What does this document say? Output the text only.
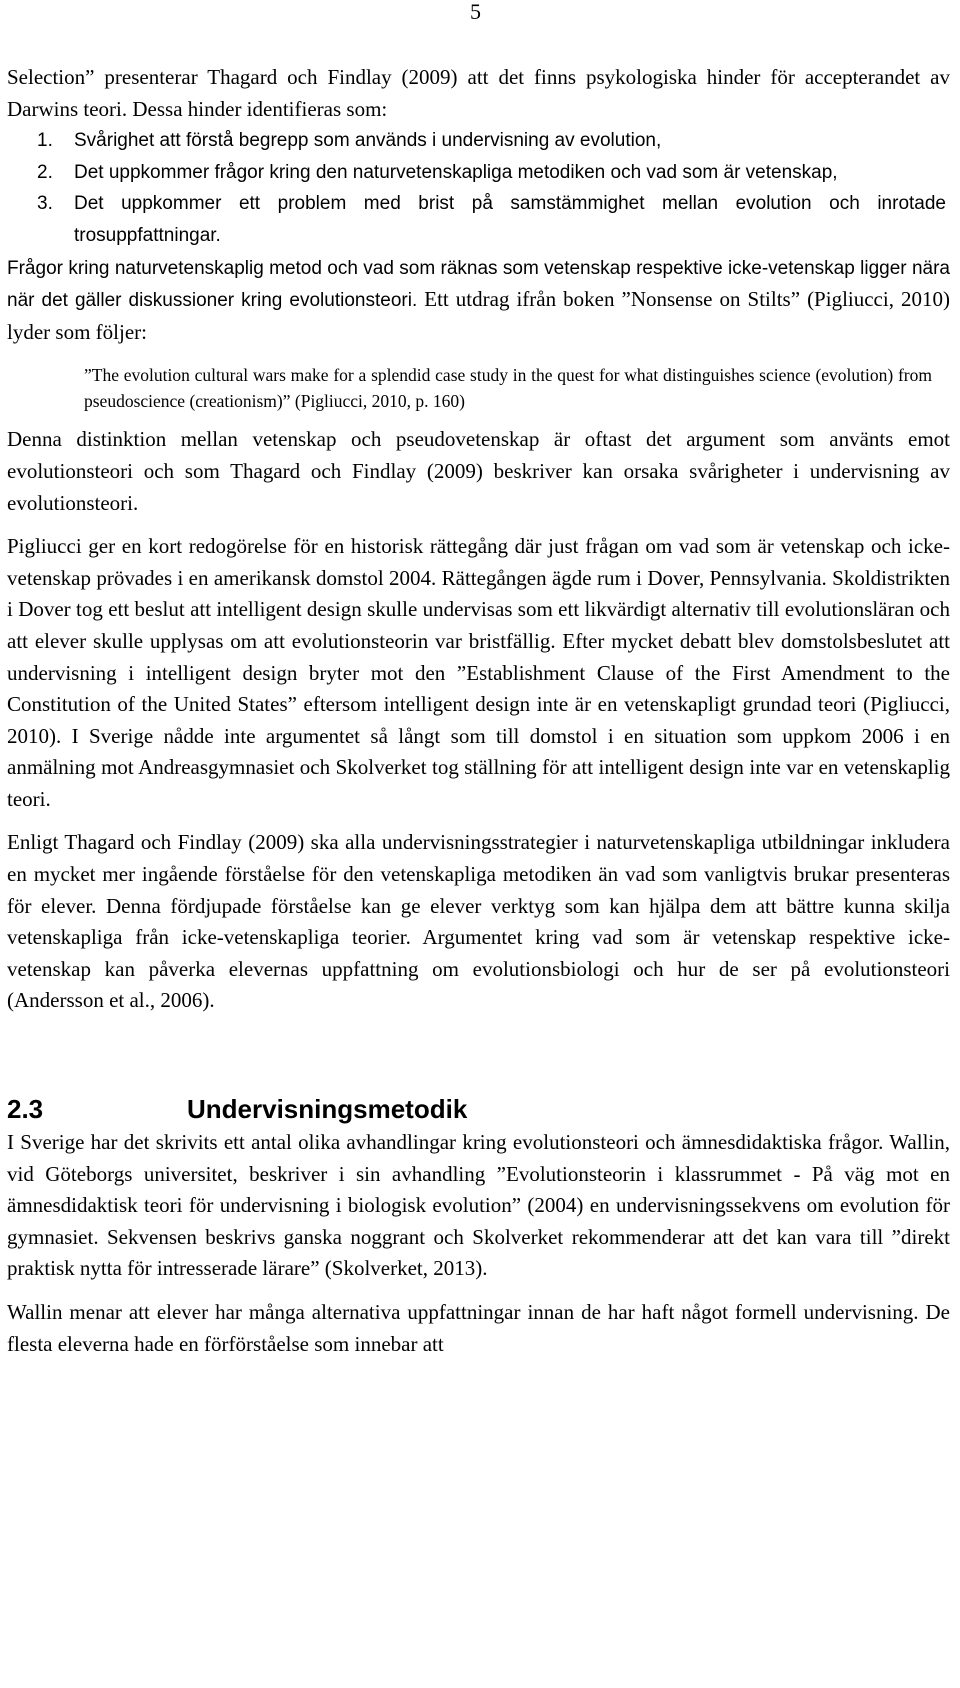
5

Selection” presenterar Thagard och Findlay (2009) att det finns psykologiska hinder för accepterandet av Darwins teori. Dessa hinder identifieras som:

1.	Svårighet att förstå begrepp som används i undervisning av evolution,
2.	Det uppkommer frågor kring den naturvetenskapliga metodiken och vad som är vetenskap,
3.	Det uppkommer ett problem med brist på samstämmighet mellan evolution och inrotade trosuppfattningar.

Frågor kring naturvetenskaplig metod och vad som räknas som vetenskap respektive icke-vetenskap ligger nära när det gäller diskussioner kring evolutionsteori. Ett utdrag ifrån boken ”Nonsense on Stilts” (Pigliucci, 2010) lyder som följer:

”The evolution cultural wars make for a splendid case study in the quest for what distinguishes science (evolution) from pseudoscience (creationism)” (Pigliucci, 2010, p. 160)

Denna distinktion mellan vetenskap och pseudovetenskap är oftast det argument som använts emot evolutionsteori och som Thagard och Findlay (2009) beskriver kan orsaka svårigheter i undervisning av evolutionsteori.

Pigliucci ger en kort redogörelse för en historisk rättegång där just frågan om vad som är vetenskap och icke-vetenskap prövades i en amerikansk domstol 2004. Rättegången ägde rum i Dover, Pennsylvania. Skoldistrikten i Dover tog ett beslut att intelligent design skulle undervisas som ett likvärdigt alternativ till evolutionsläran och att elever skulle upplysas om att evolutionsteorin var bristfällig. Efter mycket debatt blev domstolsbeslutet att undervisning i intelligent design bryter mot den ”Establishment Clause of the First Amendment to the Constitution of the United States” eftersom intelligent design inte är en vetenskapligt grundad teori (Pigliucci, 2010). I Sverige nådde inte argumentet så långt som till domstol i en situation som uppkom 2006 i en anmälning mot Andreasgymnasiet och Skolverket tog ställning för att intelligent design inte var en vetenskaplig teori.

Enligt Thagard och Findlay (2009) ska alla undervisningsstrategier i naturvetenskapliga utbildningar inkludera en mycket mer ingående förståelse för den vetenskapliga metodiken än vad som vanligtvis brukar presenteras för elever. Denna fördjupade förståelse kan ge elever verktyg som kan hjälpa dem att bättre kunna skilja vetenskapliga från icke-vetenskapliga teorier. Argumentet kring vad som är vetenskap respektive icke-vetenskap kan påverka elevernas uppfattning om evolutionsbiologi och hur de ser på evolutionsteori (Andersson et al., 2006).

2.3	Undervisningsmetodik

I Sverige har det skrivits ett antal olika avhandlingar kring evolutionsteori och ämnesdidaktiska frågor. Wallin, vid Göteborgs universitet, beskriver i sin avhandling ”Evolutionsteorin i klassrummet - På väg mot en ämnesdidaktisk teori för undervisning i biologisk evolution” (2004) en undervisningssekvens om evolution för gymnasiet. Sekvensen beskrivs ganska noggrant och Skolverket rekommenderar att det kan vara till ”direkt praktisk nytta för intresserade lärare” (Skolverket, 2013).

Wallin menar att elever har många alternativa uppfattningar innan de har haft något formell undervisning. De flesta eleverna hade en förförståelse som innebar att
